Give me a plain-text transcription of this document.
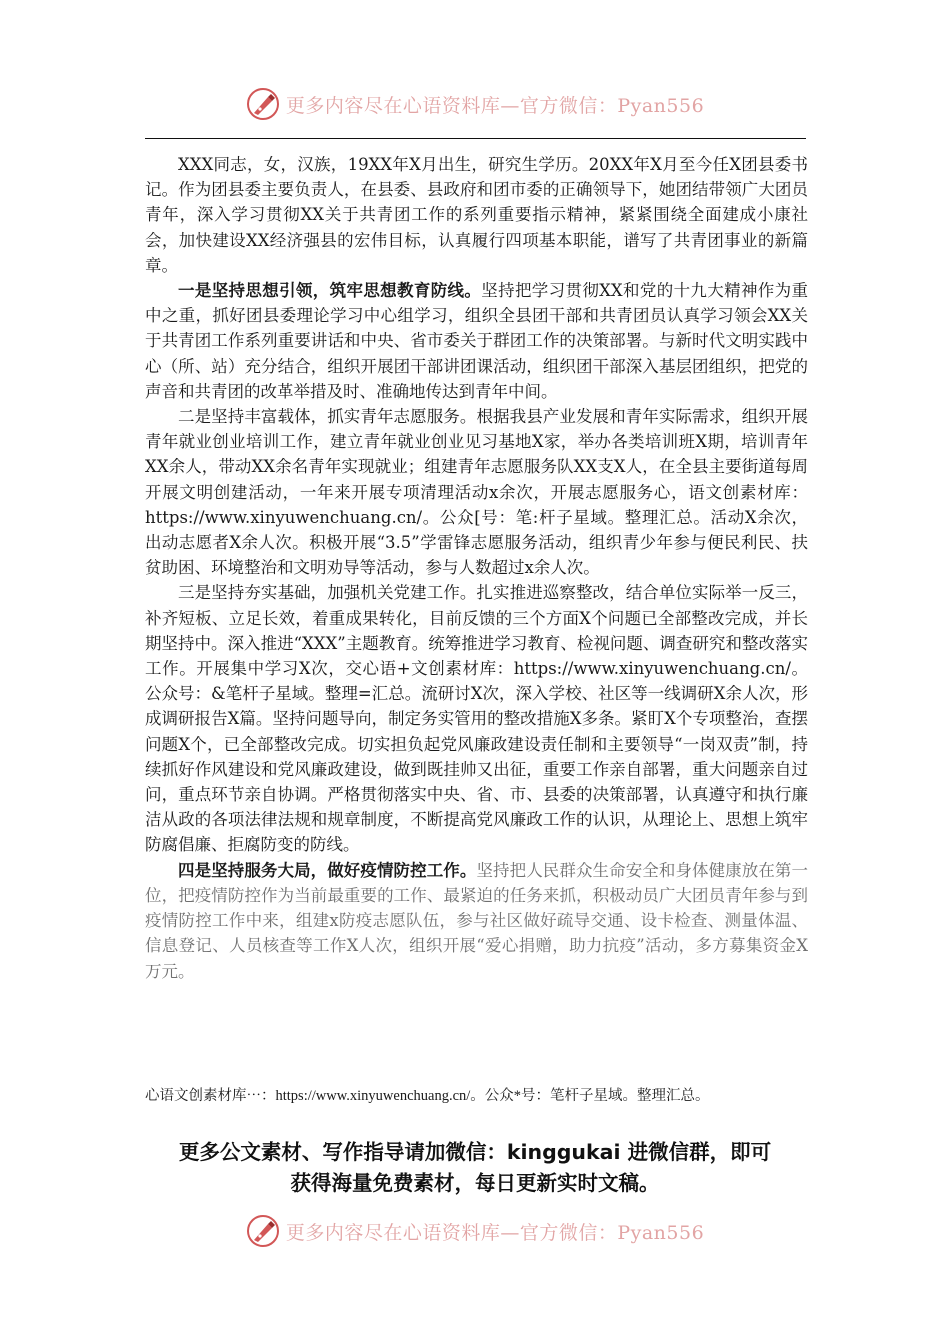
更多内容尽在心语资料库—官方微信：Pyan556

XXX同志，女，汉族，19XX年X月出生，研究生学历。20XX年X月至今任X团县委书记。作为团县委主要负责人，在县委、县政府和团市委的正确领导下，她团结带领广大团员青年，深入学习贯彻XX关于共青团工作的系列重要指示精神，紧紧围绕全面建成小康社会，加快建设XX经济强县的宏伟目标，认真履行四项基本职能，谱写了共青团事业的新篇章。

一是坚持思想引领，筑牢思想教育防线。坚持把学习贯彻XX和党的十九大精神作为重中之重，抓好团县委理论学习中心组学习，组织全县团干部和共青团员认真学习领会XX关于共青团工作系列重要讲话和中央、省市委关于群团工作的决策部署。与新时代文明实践中心（所、站）充分结合，组织开展团干部讲团课活动，组织团干部深入基层团组织，把党的声音和共青团的改革举措及时、准确地传达到青年中间。

二是坚持丰富载体，抓实青年志愿服务。根据我县产业发展和青年实际需求，组织开展青年就业创业培训工作，建立青年就业创业见习基地X家，举办各类培训班X期，培训青年XX余人，带动XX余名青年实现就业；组建青年志愿服务队XX支X人，在全县主要街道每周开展文明创建活动，一年来开展专项清理活动x余次，开展志愿服务心，语文创素材库：https://www.xinyuwenchuang.cn/。公众[号：笔:杆子星域。整理汇总。活动X余次，出动志愿者X余人次。积极开展“3.5”学雷锋志愿服务活动，组织青少年参与便民利民、扶贫助困、环境整治和文明劝导等活动，参与人数超过x余人次。

三是坚持夯实基础，加强机关党建工作。扎实推进巡察整改，结合单位实际举一反三，补齐短板、立足长效，着重成果转化，目前反馈的三个方面X个问题已全部整改完成，并长期坚持中。深入推进“XXX”主题教育。统筹推进学习教育、检视问题、调查研究和整改落实工作。开展集中学习X次，交心语+文创素材库：https://www.xinyuwenchuang.cn/。公众号：&笔杆子星域。整理=汇总。流研讨X次，深入学校、社区等一线调研X余人次，形成调研报告X篇。坚持问题导向，制定务实管用的整改措施X多条。紧盯X个专项整治，查摆问题X个，已全部整改完成。切实担负起党风廉政建设责任制和主要领导“一岗双责”制，持续抓好作风建设和党风廉政建设，做到既挂帅又出征，重要工作亲自部署，重大问题亲自过问，重点环节亲自协调。严格贯彻落实中央、省、市、县委的决策部署，认真遵守和执行廉洁从政的各项法律法规和规章制度，不断提高党风廉政工作的认识，从理论上、思想上筑牢防腐倡廉、拒腐防变的防线。

四是坚持服务大局，做好疫情防控工作。坚持把人民群众生命安全和身体健康放在第一位，把疫情防控作为当前最重要的工作、最紧迫的任务来抓，积极动员广大团员青年参与到疫情防控工作中来，组建x防疫志愿队伍，参与社区做好疏导交通、设卡检查、测量体温、信息登记、人员核查等工作X人次，组织开展“爱心捐赠，助力抗疫”活动，多方募集资金X万元。

心语文创素材库⋯：https://www.xinyuwenchuang.cn/。公众*号：笔杆子星域。整理汇总。
更多公文素材、写作指导请加微信：kinggukai 进微信群，即可
获得海量免费素材，每日更新实时文稿。
更多内容尽在心语资料库—官方微信：Pyan556
